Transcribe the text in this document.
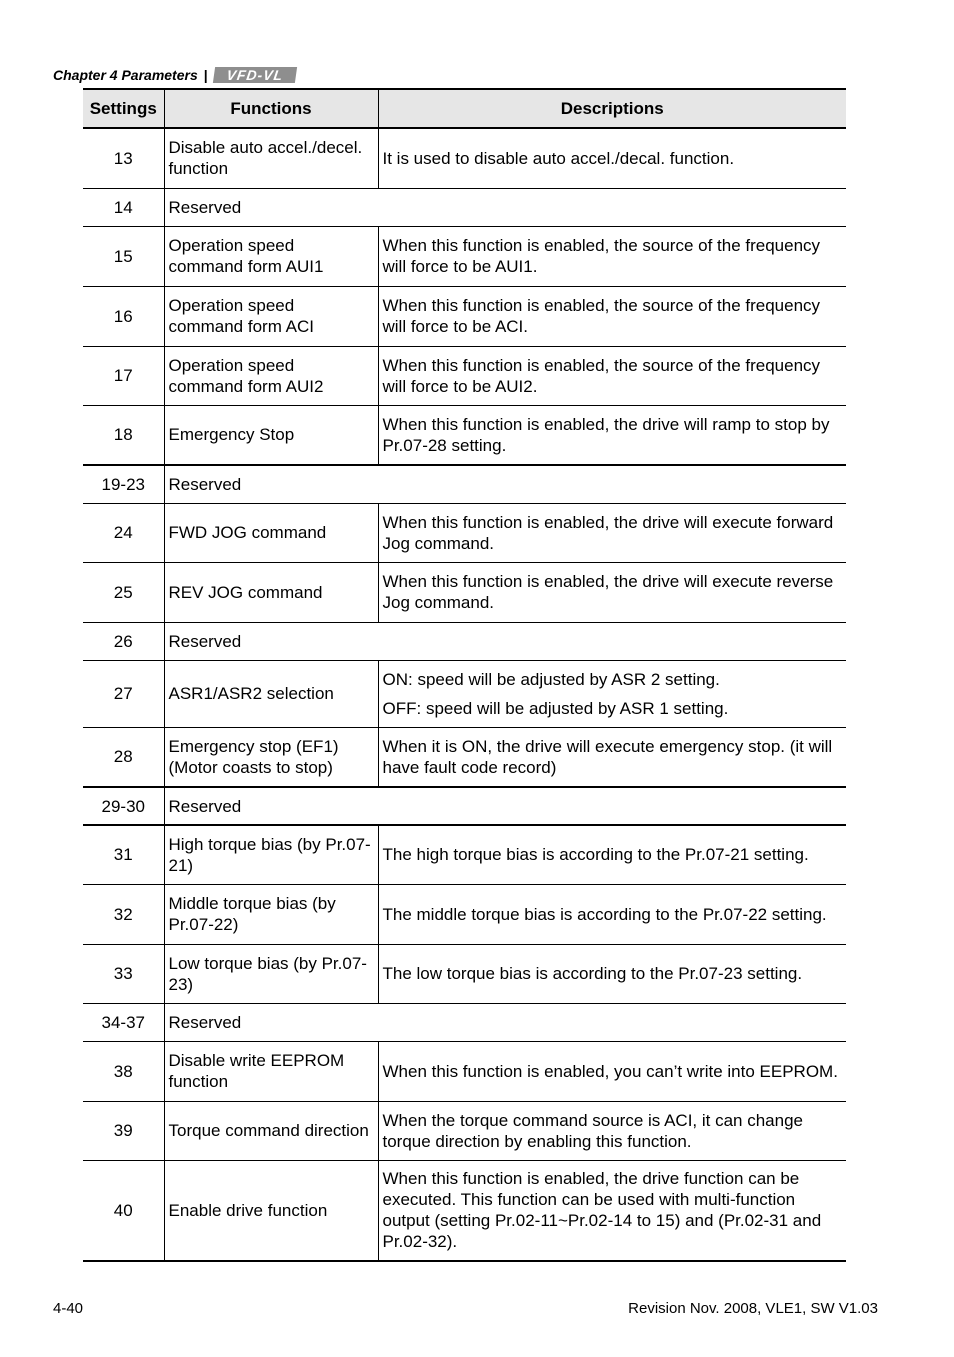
Chapter 4 Parameters |	VFD-VL
Settings	Functions	Descriptions
13	Disable auto accel./decel. function	It is used to disable auto accel./decal. function.
14	Reserved	
15	Operation speed command form AUI1	When this function is enabled, the source of the frequency will force to be AUI1.
16	Operation speed command form ACI	When this function is enabled, the source of the frequency will force to be ACI.
17	Operation speed command form AUI2	When this function is enabled, the source of the frequency will force to be AUI2.
18	Emergency Stop	When this function is enabled, the drive will ramp to stop by Pr.07-28 setting.
19-23	Reserved	
24	FWD JOG command	When this function is enabled, the drive will execute forward Jog command.
25	REV JOG command	When this function is enabled, the drive will execute reverse Jog command.
26	Reserved	
27	ASR1/ASR2 selection	ON: speed will be adjusted by ASR 2 setting.

OFF: speed will be adjusted by ASR 1 setting.

28	Emergency stop (EF1) (Motor coasts to stop)	When it is ON, the drive will execute emergency stop. (it will have fault code record)
29-30	Reserved	
31	High torque bias (by Pr.07-21)	The high torque bias is according to the Pr.07-21 setting.
32	Middle torque bias (by Pr.07-22)	The middle torque bias is according to the Pr.07-22 setting.
33	Low torque bias (by Pr.07-23)	The low torque bias is according to the Pr.07-23 setting.
34-37	Reserved	
38	Disable write EEPROM function	When this function is enabled, you can’t write into EEPROM.
39	Torque command direction	When the torque command source is ACI, it can change torque direction by enabling this function.
40	Enable drive function	When this function is enabled, the drive function can be executed. This function can be used with multi-function output (setting Pr.02-11~Pr.02-14 to 15) and (Pr.02-31 and Pr.02-32).
4-40	Revision Nov. 2008, VLE1, SW V1.03
